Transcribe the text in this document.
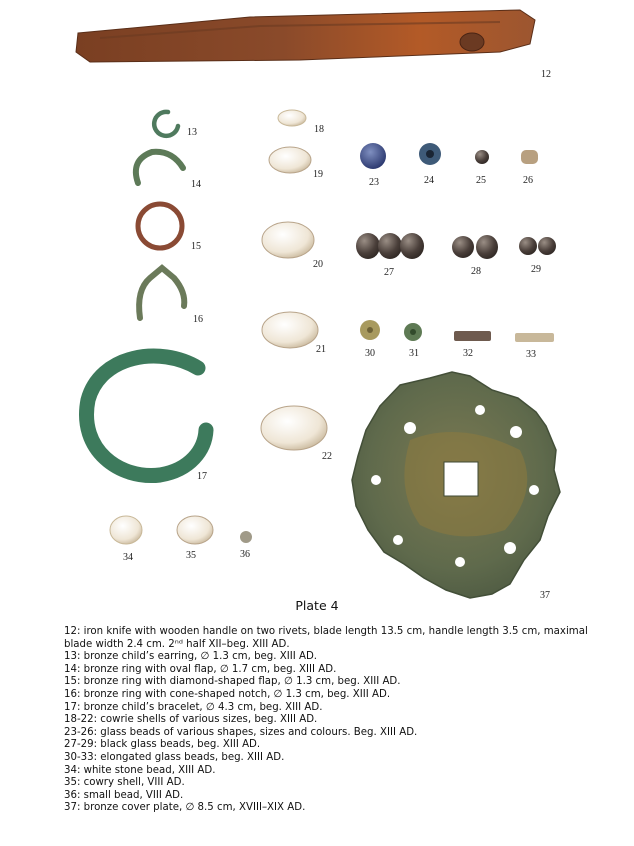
12
13
14
15
16
17
18
19
20
21
22
23	24	25	26
27	28	29
30	31	32	33
34	35	36
37
Plate 4
12: iron knife with wooden handle on two rivets, blade length 13.5 cm, handle length 3.5 cm, maximal blade width 2.4 cm. 2ⁿᵈ half XII–beg. XIII AD.
13: bronze child’s earring, ∅ 1.3 cm, beg. XIII AD.
14: bronze ring with oval flap, ∅ 1.7 cm, beg. XIII AD.
15: bronze ring with diamond-shaped flap, ∅ 1.3 cm, beg. XIII AD.
16: bronze ring with cone-shaped notch, ∅ 1.3 cm, beg. XIII AD.
17: bronze child’s bracelet, ∅ 4.3 cm, beg. XIII AD.
18-22: cowrie shells of various sizes, beg. XIII AD.
23-26: glass beads of various shapes, sizes and colours. Beg. XIII AD.
27-29: black glass beads, beg. XIII AD.
30-33: elongated glass beads, beg. XIII AD.
34: white stone bead, XIII AD.
35: cowry shell, VIII AD.
36: small bead, VIII AD.
37: bronze cover plate, ∅ 8.5 cm, XVIII–XIX AD.
